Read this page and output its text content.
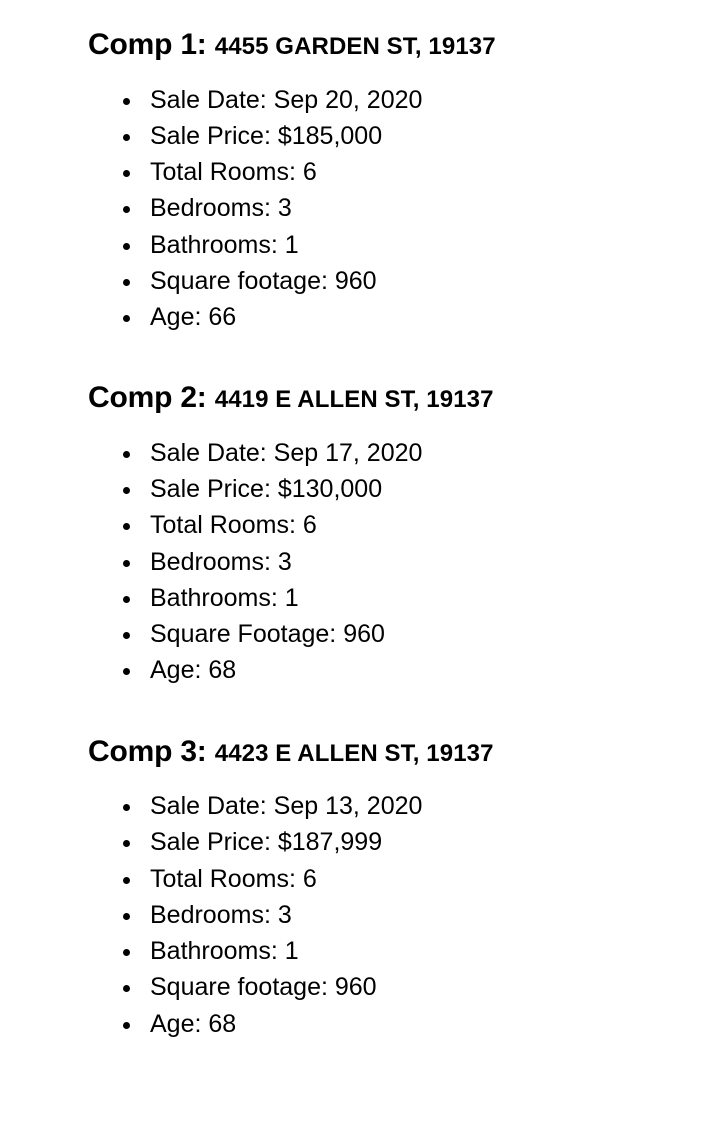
Comp 1: 4455 GARDEN ST, 19137
• Sale Date: Sep 20, 2020
• Sale Price: $185,000
• Total Rooms: 6
• Bedrooms: 3
• Bathrooms: 1
• Square footage: 960
• Age: 66
Comp 2: 4419 E ALLEN ST, 19137
• Sale Date: Sep 17, 2020
• Sale Price: $130,000
• Total Rooms: 6
• Bedrooms: 3
• Bathrooms: 1
• Square Footage: 960
• Age: 68
Comp 3: 4423 E ALLEN ST, 19137
• Sale Date: Sep 13, 2020
• Sale Price: $187,999
• Total Rooms: 6
• Bedrooms: 3
• Bathrooms: 1
• Square footage: 960
• Age: 68
